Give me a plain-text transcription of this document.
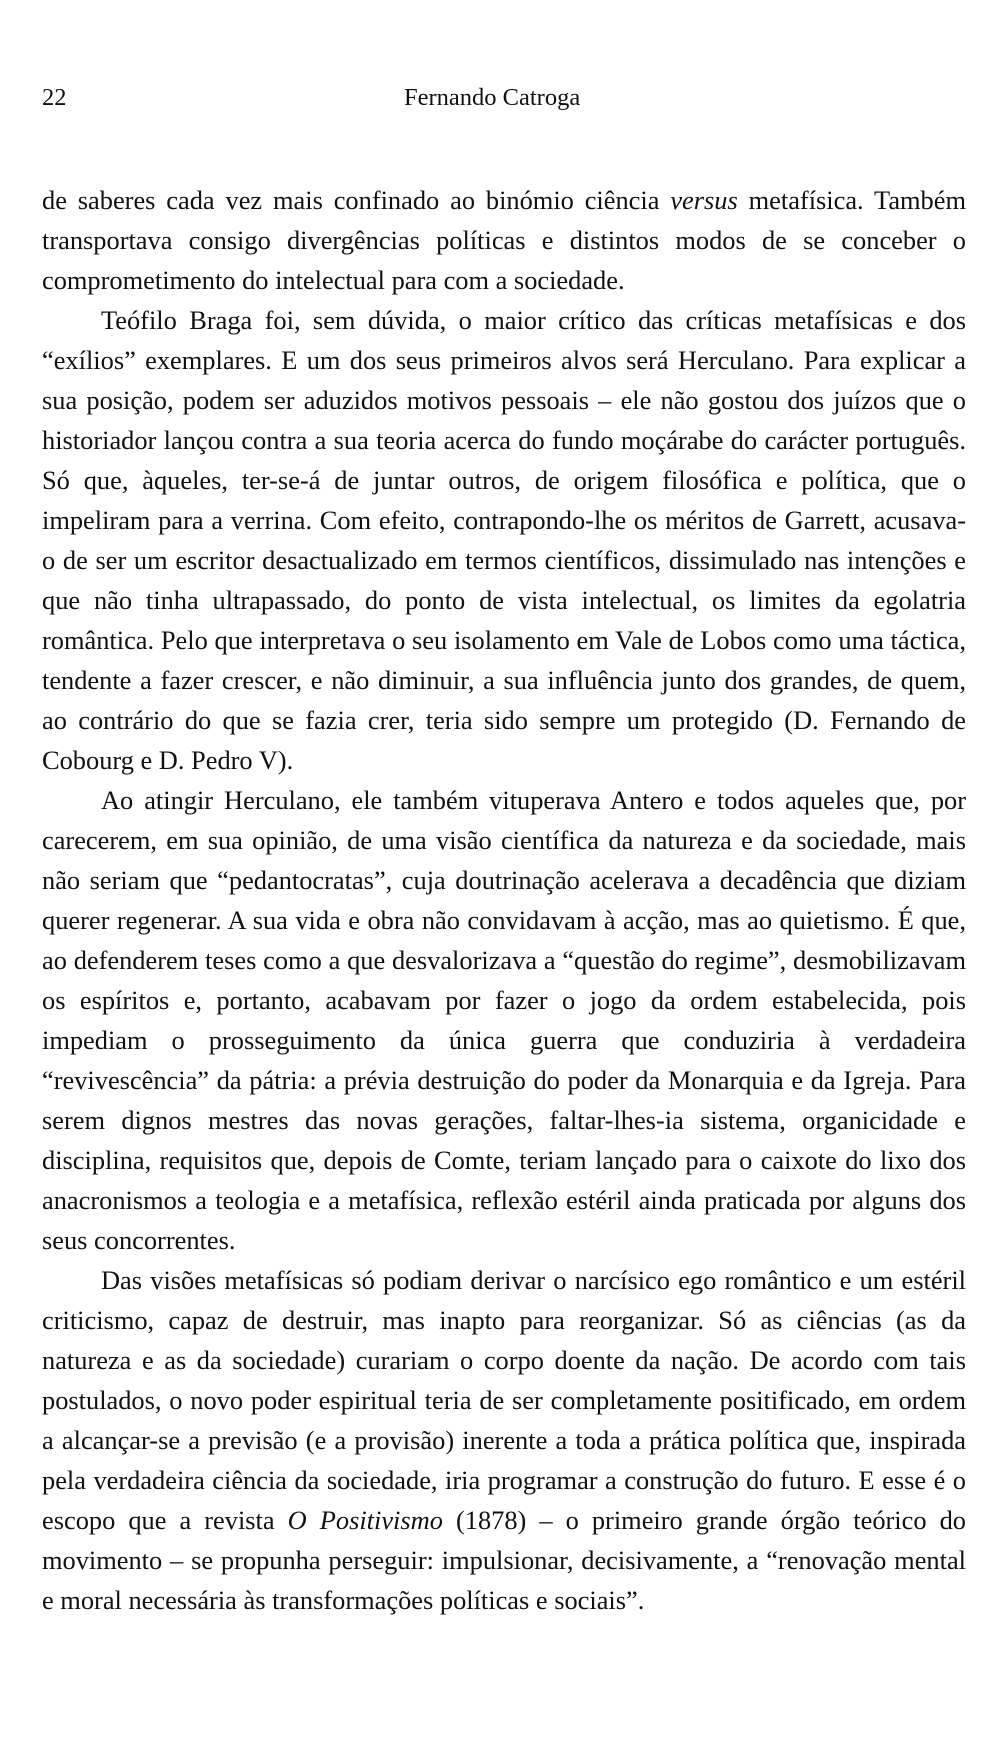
22	Fernando Catroga

de saberes cada vez mais confinado ao binómio ciência versus metafísica. Também transportava consigo divergências políticas e distintos modos de se conceber o comprometimento do intelectual para com a sociedade.

Teófilo Braga foi, sem dúvida, o maior crítico das críticas metafísicas e dos “exílios” exemplares. E um dos seus primeiros alvos será Herculano. Para explicar a sua posição, podem ser aduzidos motivos pessoais – ele não gostou dos juízos que o historiador lançou contra a sua teoria acerca do fundo moçárabe do carácter português. Só que, àqueles, ter-se-á de juntar outros, de origem filosófica e política, que o impeliram para a verrina. Com efeito, contrapondo-lhe os méritos de Garrett, acusava-o de ser um escritor desactualizado em termos científicos, dissimulado nas intenções e que não tinha ultrapassado, do ponto de vista intelectual, os limites da egolatria romântica. Pelo que interpretava o seu isolamento em Vale de Lobos como uma táctica, tendente a fazer crescer, e não diminuir, a sua influência junto dos grandes, de quem, ao contrário do que se fazia crer, teria sido sempre um protegido (D. Fernando de Cobourg e D. Pedro V).

Ao atingir Herculano, ele também vituperava Antero e todos aqueles que, por carecerem, em sua opinião, de uma visão científica da natureza e da sociedade, mais não seriam que “pedantocratas”, cuja doutrinação acelerava a decadência que diziam querer regenerar. A sua vida e obra não convidavam à acção, mas ao quietismo. É que, ao defenderem teses como a que desvalorizava a “questão do regime”, desmobilizavam os espíritos e, portanto, acabavam por fazer o jogo da ordem estabelecida, pois impediam o prosseguimento da única guerra que conduziria à verdadeira “revivescência” da pátria: a prévia destruição do poder da Monarquia e da Igreja. Para serem dignos mestres das novas gerações, faltar-lhes-ia sistema, organicidade e disciplina, requisitos que, depois de Comte, teriam lançado para o caixote do lixo dos anacronismos a teologia e a metafísica, reflexão estéril ainda praticada por alguns dos seus concorrentes.

Das visões metafísicas só podiam derivar o narcísico ego romântico e um estéril criticismo, capaz de destruir, mas inapto para reorganizar. Só as ciências (as da natureza e as da sociedade) curariam o corpo doente da nação. De acordo com tais postulados, o novo poder espiritual teria de ser completamente positificado, em ordem a alcançar-se a previsão (e a provisão) inerente a toda a prática política que, inspirada pela verdadeira ciência da sociedade, iria programar a construção do futuro. E esse é o escopo que a revista O Positivismo (1878) – o primeiro grande órgão teórico do movimento – se propunha perseguir: impulsionar, decisivamente, a “renovação mental e moral necessária às transformações políticas e sociais”.
